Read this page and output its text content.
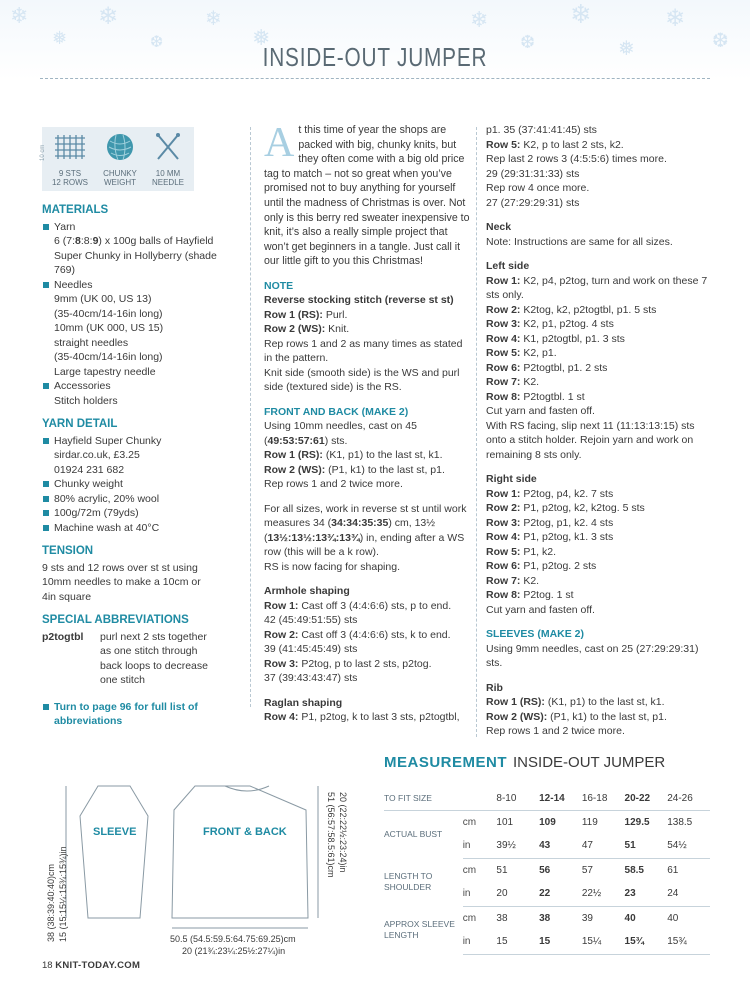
❄
❅
❄
❆
❄
❅
❄
❆
❄
❅
❄
❆
INSIDE-OUT JUMPER
9 STS
12 ROWS
10 cm
CHUNKY
WEIGHT
10 MM
NEEDLE
MATERIALS
Yarn
6 (7:8:8:9) x 100g balls of Hayfield Super Chunky in Hollyberry (shade 769)
Needles
9mm (UK 00, US 13)
(35-40cm/14-16in long)
10mm (UK 000, US 15)
straight needles
(35-40cm/14-16in long)
Large tapestry needle
Accessories
Stitch holders
YARN DETAIL
Hayfield Super Chunky
sirdar.co.uk, £3.25
01924 231 682
Chunky weight
80% acrylic, 20% wool
100g/72m (79yds)
Machine wash at 40°C
TENSION
9 sts and 12 rows over st st using 10mm needles to make a 10cm or 4in square
SPECIAL ABBREVIATIONS
p2togtbl	purl next 2 sts together as one stitch through back loops to decrease one stitch
Turn to page 96 for full list of abbreviations
At this time of year the shops are packed with big, chunky knits, but they often come with a big old price tag to match – not so great when you’ve promised not to buy anything for yourself until the madness of Christmas is over. Not only is this berry red sweater inexpensive to knit, it’s also a really simple project that won’t get beginners in a tangle. Just call it our little gift to you this Christmas!
NOTE
Reverse stocking stitch (reverse st st)
Row 1 (RS): Purl.
Row 2 (WS): Knit.
Rep rows 1 and 2 as many times as stated in the pattern.
Knit side (smooth side) is the WS and purl side (textured side) is the RS.
FRONT AND BACK (MAKE 2)
Using 10mm needles, cast on 45 (49:53:57:61) sts.
Row 1 (RS): (K1, p1) to the last st, k1.
Row 2 (WS): (P1, k1) to the last st, p1.
Rep rows 1 and 2 twice more.
For all sizes, work in reverse st st until work measures 34 (34:34:35:35) cm, 13½ (13½:13½:13¾:13¾) in, ending after a WS row (this will be a k row).
RS is now facing for shaping.
Armhole shaping
Row 1: Cast off 3 (4:4:6:6) sts, p to end.
42 (45:49:51:55) sts
Row 2: Cast off 3 (4:4:6:6) sts, k to end.
39 (41:45:45:49) sts
Row 3: P2tog, p to last 2 sts, p2tog.
37 (39:43:43:47) sts
Raglan shaping
Row 4: P1, p2tog, k to last 3 sts, p2togtbl,
p1. 35 (37:41:41:45) sts
Row 5: K2, p to last 2 sts, k2.
Rep last 2 rows 3 (4:5:5:6) times more.
29 (29:31:31:33) sts
Rep row 4 once more.
27 (27:29:29:31) sts
Neck
Note: Instructions are same for all sizes.
Left side
Row 1: K2, p4, p2tog, turn and work on these 7 sts only.
Row 2: K2tog, k2, p2togtbl, p1. 5 sts
Row 3: K2, p1, p2tog. 4 sts
Row 4: K1, p2togtbl, p1. 3 sts
Row 5: K2, p1.
Row 6: P2togtbl, p1. 2 sts
Row 7: K2.
Row 8: P2togtbl. 1 st
Cut yarn and fasten off.
With RS facing, slip next 11 (11:13:13:15) sts onto a stitch holder. Rejoin yarn and work on remaining 8 sts only.
Right side
Row 1: P2tog, p4, k2. 7 sts
Row 2: P1, p2tog, k2, k2tog. 5 sts
Row 3: P2tog, p1, k2. 4 sts
Row 4: P1, p2tog, k1. 3 sts
Row 5: P1, k2.
Row 6: P1, p2tog. 2 sts
Row 7: K2.
Row 8: P2tog. 1 st
Cut yarn and fasten off.
SLEEVES (MAKE 2)
Using 9mm needles, cast on 25 (27:29:29:31) sts.
Rib
Row 1 (RS): (K1, p1) to the last st, k1.
Row 2 (WS): (P1, k1) to the last st, p1.
Rep rows 1 and 2 twice more.
MEASUREMENT INSIDE-OUT JUMPER
TO FIT SIZE		8-10	12-14	16-18	20-22	24-26
ACTUAL BUST	cm	101	109	119	129.5	138.5
	in	39½	43	47	51	54½
LENGTH TO SHOULDER	cm	51	56	57	58.5	61
	in	20	22	22½	23	24
APPROX SLEEVE LENGTH	cm	38	38	39	40	40
	in	15	15	15¼	15¾	15¾
SLEEVE	FRONT & BACK
38 (38:39:40:40)cm 15 (15:15¼:15¾:15¾)in
51 (56:57:58.5:61)cm 20 (22:22½:23:24)in
50.5 (54.5:59.5:64.75:69.25)cm
20 (21¾:23¼:25½:27¼)in
18 KNIT-TODAY.COM
